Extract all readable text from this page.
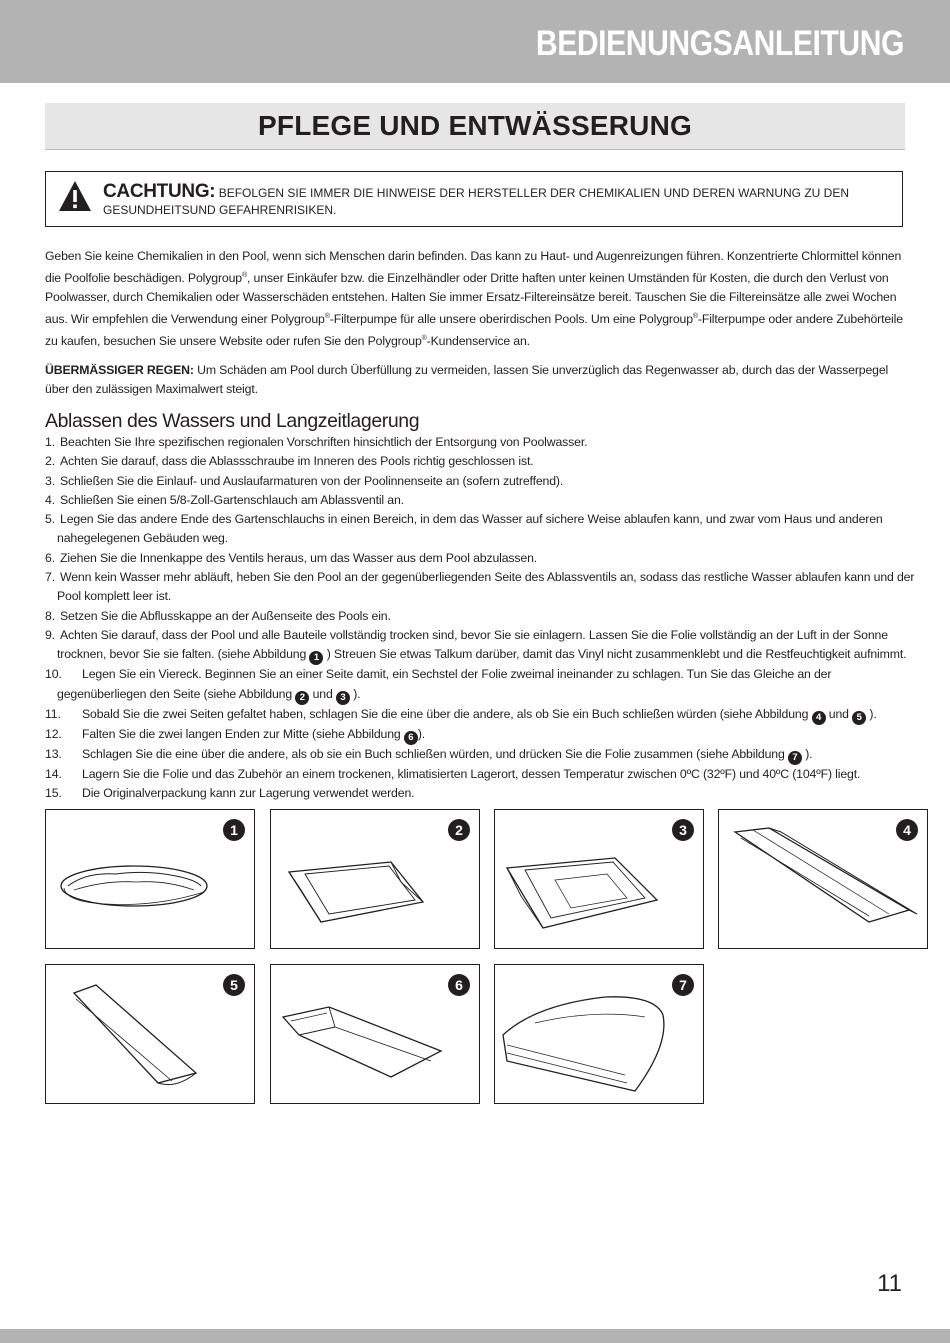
BEDIENUNGSANLEITUNG
PFLEGE UND ENTWÄSSERUNG
CACHTUNG: BEFOLGEN SIE IMMER DIE HINWEISE DER HERSTELLER DER CHEMIKALIEN UND DEREN WARNUNG ZU DEN GESUNDHEITSUND GEFAHRENRISIKEN.
Geben Sie keine Chemikalien in den Pool, wenn sich Menschen darin befinden. Das kann zu Haut- und Augenreizungen führen. Konzentrierte Chlormittel können die Poolfolie beschädigen. Polygroup®, unser Einkäufer bzw. die Einzelhändler oder Dritte haften unter keinen Umständen für Kosten, die durch den Verlust von Poolwasser, durch Chemikalien oder Wasserschäden entstehen. Halten Sie immer Ersatz-Filtereinsätze bereit. Tauschen Sie die Filtereinsätze alle zwei Wochen aus. Wir empfehlen die Verwendung einer Polygroup®-Filterpumpe für alle unsere oberirdischen Pools. Um eine Polygroup®-Filterpumpe oder andere Zubehörteile zu kaufen, besuchen Sie unsere Website oder rufen Sie den Polygroup®-Kundenservice an.
ÜBERMÄSSIGER REGEN: Um Schäden am Pool durch Überfüllung zu vermeiden, lassen Sie unverzüglich das Regenwasser ab, durch das der Wasserpegel über den zulässigen Maximalwert steigt.
Ablassen des Wassers und Langzeitlagerung
1. Beachten Sie Ihre spezifischen regionalen Vorschriften hinsichtlich der Entsorgung von Poolwasser.
2. Achten Sie darauf, dass die Ablassschraube im Inneren des Pools richtig geschlossen ist.
3. Schließen Sie die Einlauf- und Auslaufarmaturen von der Poolinnenseite an (sofern zutreffend).
4. Schließen Sie einen 5/8-Zoll-Gartenschlauch am Ablassventil an.
5. Legen Sie das andere Ende des Gartenschlauchs in einen Bereich, in dem das Wasser auf sichere Weise ablaufen kann, und zwar vom Haus und anderen
nahegelegenen Gebäuden weg.
6. Ziehen Sie die Innenkappe des Ventils heraus, um das Wasser aus dem Pool abzulassen.
7. Wenn kein Wasser mehr abläuft, heben Sie den Pool an der gegenüberliegenden Seite des Ablassventils an, sodass das restliche Wasser ablaufen kann und der
Pool komplett leer ist.
8. Setzen Sie die Abflusskappe an der Außenseite des Pools ein.
9. Achten Sie darauf, dass der Pool und alle Bauteile vollständig trocken sind, bevor Sie sie einlagern. Lassen Sie die Folie vollständig an der Luft in der Sonne
trocknen, bevor Sie sie falten. (siehe Abbildung 1 ) Streuen Sie etwas Talkum darüber, damit das Vinyl nicht zusammenklebt und die Restfeuchtigkeit aufnimmt.
10. Legen Sie ein Viereck. Beginnen Sie an einer Seite damit, ein Sechstel der Folie zweimal ineinander zu schlagen. Tun Sie das Gleiche an der
gegenüberliegen den Seite (siehe Abbildung 2 und 3 ).
11. Sobald Sie die zwei Seiten gefaltet haben, schlagen Sie die eine über die andere, als ob Sie ein Buch schließen würden (siehe Abbildung 4 und 5 ).
12. Falten Sie die zwei langen Enden zur Mitte (siehe Abbildung 6 ).
13. Schlagen Sie die eine über die andere, als ob sie ein Buch schließen würden, und drücken Sie die Folie zusammen (siehe Abbildung 7 ).
14. Lagern Sie die Folie und das Zubehör an einem trockenen, klimatisierten Lagerort, dessen Temperatur zwischen 0ºC (32ºF) und 40ºC (104ºF) liegt.
15. Die Originalverpackung kann zur Lagerung verwendet werden.
1	2	3	4
5	6	7
11
